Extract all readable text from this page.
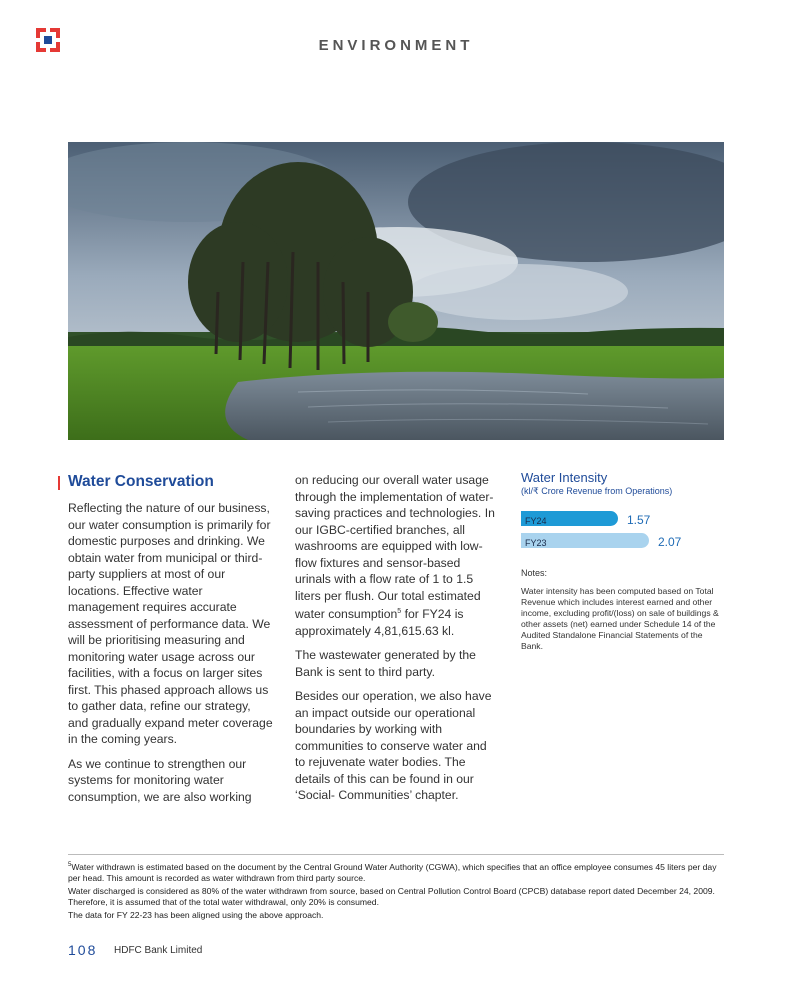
ENVIRONMENT
Water Conservation

Reflecting the nature of our business, our water consumption is primarily for domestic purposes and drinking. We obtain water from municipal or third-party suppliers at most of our locations. Effective water management requires accurate assessment of performance data. We will be prioritising measuring and monitoring water usage across our facilities, with a focus on larger sites first. This phased approach allows us to gather data, refine our strategy, and gradually expand meter coverage in the coming years.

As we continue to strengthen our systems for monitoring water consumption, we are also working

on reducing our overall water usage through the implementation of water-saving practices and technologies. In our IGBC-certified branches, all washrooms are equipped with low-flow fixtures and sensor-based urinals with a flow rate of 1 to 1.5 liters per flush. Our total estimated water consumption$^5$ for FY24 is approximately 4,81,615.63 kl.

The wastewater generated by the Bank is sent to third party.

Besides our operation, we also have an impact outside our operational boundaries by working with communities to conserve water and to rejuvenate water bodies. The details of this can be found in our ‘Social- Communities’ chapter.

Water Intensity
(kl/₹ Crore Revenue from Operations)
FY24	1.57
FY23	2.07
Notes:
Water intensity has been computed based on Total Revenue which includes interest earned and other income, excluding profit/(loss) on sale of buildings & other assets (net) earned under Schedule 14 of the Audited Standalone Financial Statements of the Bank.

$^5$Water withdrawn is estimated based on the document by the Central Ground Water Authority (CGWA), which specifies that an office employee consumes 45 liters per day per head. This amount is recorded as water withdrawn from third party source.

Water discharged is considered as 80% of the water withdrawn from source, based on Central Pollution Control Board (CPCB) database report dated December 24, 2009. Therefore, it is assumed that of the total water withdrawal, only 20% is consumed.

The data for FY 22-23 has been aligned using the above approach.

108 HDFC Bank Limited
